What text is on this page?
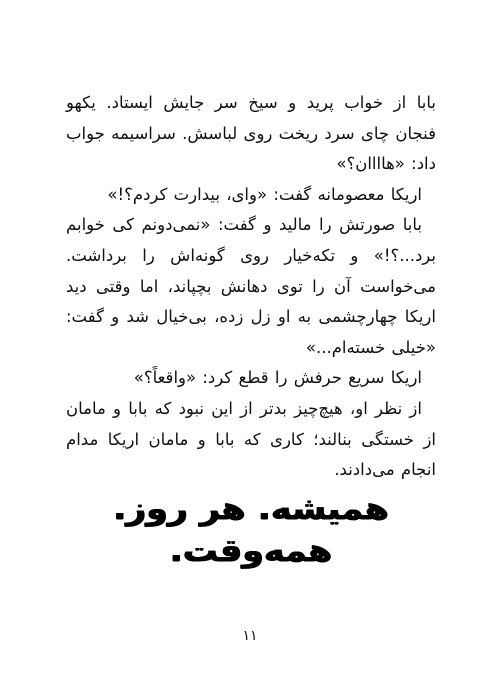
بابا از خواب پرید و سیخ سر جایش ایستاد. یکهو فنجان چای سرد ریخت روی لباسش. سراسیمه جواب داد: «هاااان؟»

اریکا معصومانه گفت: «وای، بیدارت کردم؟!»

بابا صورتش را مالید و گفت: «نمی‌دونم کی خوابم برد...؟!» و تکه‌خیار روی گونه‌اش را برداشت. می‌خواست آن را توی دهانش بچپاند، اما وقتی دید اریکا چهارچشمی به او زل زده، بی‌خیال شد و گفت: «خیلی خسته‌ام...»

اریکا سریع حرفش را قطع کرد: «واقعاً؟»

از نظر او، هیچ‌چیز بدتر از این نبود که بابا و مامان از خستگی بنالند؛ کاری که بابا و مامان اریکا مدام انجام می‌دادند.

همیشه. هر روز. همه‌وقت.
۱۱
